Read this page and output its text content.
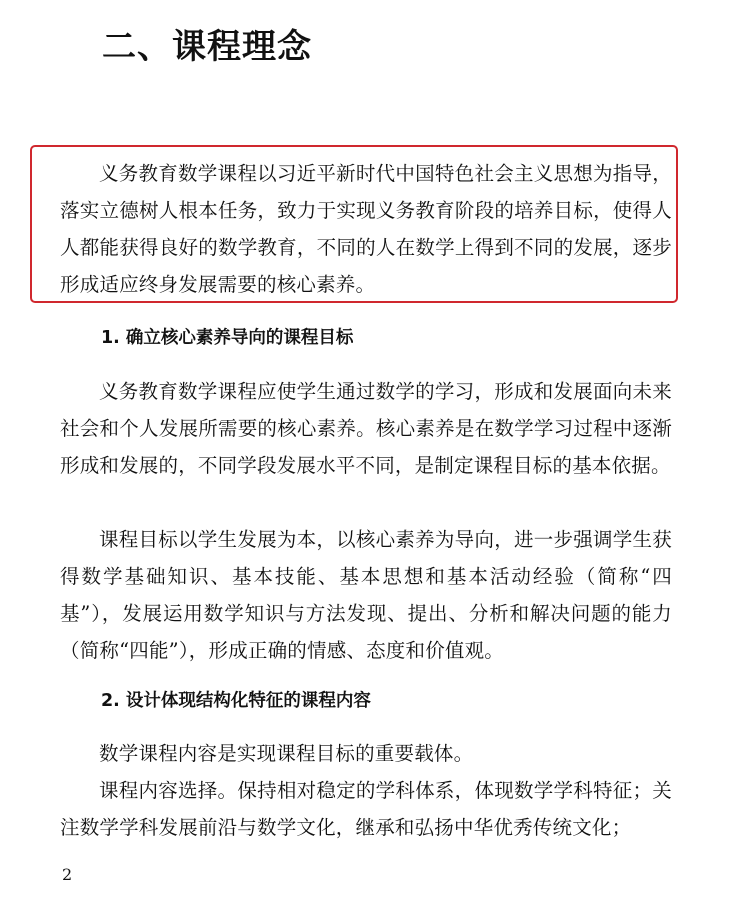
二、课程理念

义务教育数学课程以习近平新时代中国特色社会主义思想为指导，落实立德树人根本任务，致力于实现义务教育阶段的培养目标，使得人人都能获得良好的数学教育，不同的人在数学上得到不同的发展，逐步形成适应终身发展需要的核心素养。

1. 确立核心素养导向的课程目标

义务教育数学课程应使学生通过数学的学习，形成和发展面向未来社会和个人发展所需要的核心素养。核心素养是在数学学习过程中逐渐形成和发展的，不同学段发展水平不同，是制定课程目标的基本依据。

课程目标以学生发展为本，以核心素养为导向，进一步强调学生获得数学基础知识、基本技能、基本思想和基本活动经验（简称“四基”），发展运用数学知识与方法发现、提出、分析和解决问题的能力（简称“四能”），形成正确的情感、态度和价值观。

2. 设计体现结构化特征的课程内容

数学课程内容是实现课程目标的重要载体。

课程内容选择。保持相对稳定的学科体系，体现数学学科特征；关注数学学科发展前沿与数学文化，继承和弘扬中华优秀传统文化；

2
